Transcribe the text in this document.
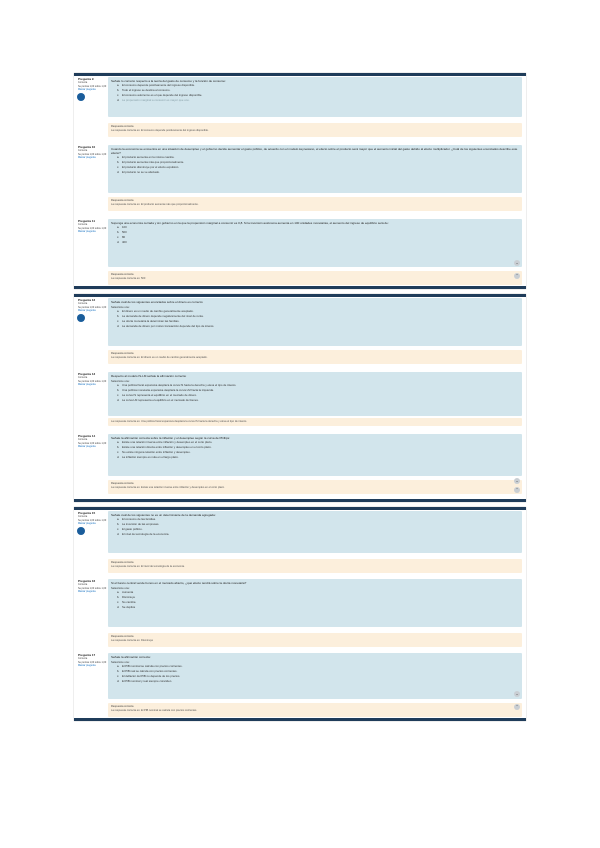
Pregunta 9
Correcta
Se puntúa 1,00 sobre 1,00
Marcar pregunta
Señale lo correcto respecto a la teoría del gasto de consumo y la función de consumo:
a. El consumo depende positivamente del ingreso disponible.
b. Todo el ingreso se destina al consumo.
c. El consumo autónomo es el que depende del ingreso disponible.
d. La propensión marginal a consumir es mayor que uno.
Respuesta correcta
La respuesta correcta es: El consumo depende positivamente del ingreso disponible.
Pregunta 10
Correcta
Se puntúa 1,00 sobre 1,00
Marcar pregunta
Cuando la economía se encuentra en una situación de desempleo y el gobierno decide aumentar el gasto público, de acuerdo con el modelo keynesiano, el efecto sobre el producto será mayor que el aumento inicial del gasto debido al efecto multiplicador. ¿Cuál de los siguientes enunciados describe este efecto?
a. El producto aumenta en la misma cuantía.
b. El producto aumenta más que proporcionalmente.
c. El producto disminuye por el efecto expulsión.
d. El producto no se ve afectado.
Respuesta correcta
La respuesta correcta es: El producto aumenta más que proporcionalmente.
Pregunta 11
Correcta
Se puntúa 1,00 sobre 1,00
Marcar pregunta
Suponga una economía cerrada y sin gobierno en la que la propensión marginal a consumir es 0,8. Si la inversión autónoma aumenta en 100 unidades monetarias, el aumento del ingreso de equilibrio será de:
a. 100
b. 500
c. 80
d. 400
⌄
Respuesta correcta
La respuesta correcta es: 500
⌃
Pregunta 12
Correcta
Se puntúa 1,00 sobre 1,00
Marcar pregunta
Señale cuál de los siguientes enunciados sobre el dinero es correcto:
Seleccione una:
a. El dinero es un medio de cambio generalmente aceptado.
b. La demanda de dinero depende negativamente del nivel de renta.
c. La oferta monetaria la determinan las familias.
d. La demanda de dinero por motivo transacción depende del tipo de interés.
Respuesta correcta
La respuesta correcta es: El dinero es un medio de cambio generalmente aceptado.
Pregunta 13
Correcta
Se puntúa 1,00 sobre 1,00
Marcar pregunta
Respecto al modelo IS-LM señale la afirmación correcta:
Seleccione una:
a. Una política fiscal expansiva desplaza la curva IS hacia la derecha y eleva el tipo de interés.
b. Una política monetaria expansiva desplaza la curva LM hacia la izquierda.
c. La curva IS representa el equilibrio en el mercado de dinero.
d. La curva LM representa el equilibrio en el mercado de bienes.
La respuesta correcta es: Una política fiscal expansiva desplaza la curva IS hacia la derecha y eleva el tipo de interés.
Pregunta 14
Correcta
Se puntúa 1,00 sobre 1,00
Marcar pregunta
Señale la afirmación correcta sobre la inflación y el desempleo según la curva de Phillips:
a. Existe una relación inversa entre inflación y desempleo en el corto plazo.
b. Existe una relación directa entre inflación y desempleo en el corto plazo.
c. No existe ninguna relación entre inflación y desempleo.
d. La inflación siempre es nula en el largo plazo.
Respuesta correcta
La respuesta correcta es: Existe una relación inversa entre inflación y desempleo en el corto plazo.
⌄
⌃
Pregunta 15
Correcta
Se puntúa 1,00 sobre 1,00
Marcar pregunta
Señale cuál de los siguientes no es un determinante de la demanda agregada:
a. El consumo de las familias.
b. La inversión de las empresas.
c. El gasto público.
d. El nivel de tecnología de la economía.
Respuesta correcta
La respuesta correcta es: El nivel de tecnología de la economía.
Pregunta 16
Correcta
Se puntúa 1,00 sobre 1,00
Marcar pregunta
Si el banco central vende bonos en el mercado abierto, ¿qué efecto tendrá sobre la oferta monetaria?
Seleccione una:
a. Aumenta
b. Disminuye
c. No cambia
d. Se duplica
Respuesta correcta
La respuesta correcta es: Disminuye
Pregunta 17
Correcta
Se puntúa 1,00 sobre 1,00
Marcar pregunta
Señale la afirmación correcta:
Seleccione una:
a. El PIB nominal se calcula con precios corrientes.
b. El PIB real se calcula con precios corrientes.
c. El deflactor del PIB no depende de los precios.
d. El PIB nominal y real siempre coinciden.
⌄
Respuesta correcta
La respuesta correcta es: El PIB nominal se calcula con precios corrientes.
⌃
